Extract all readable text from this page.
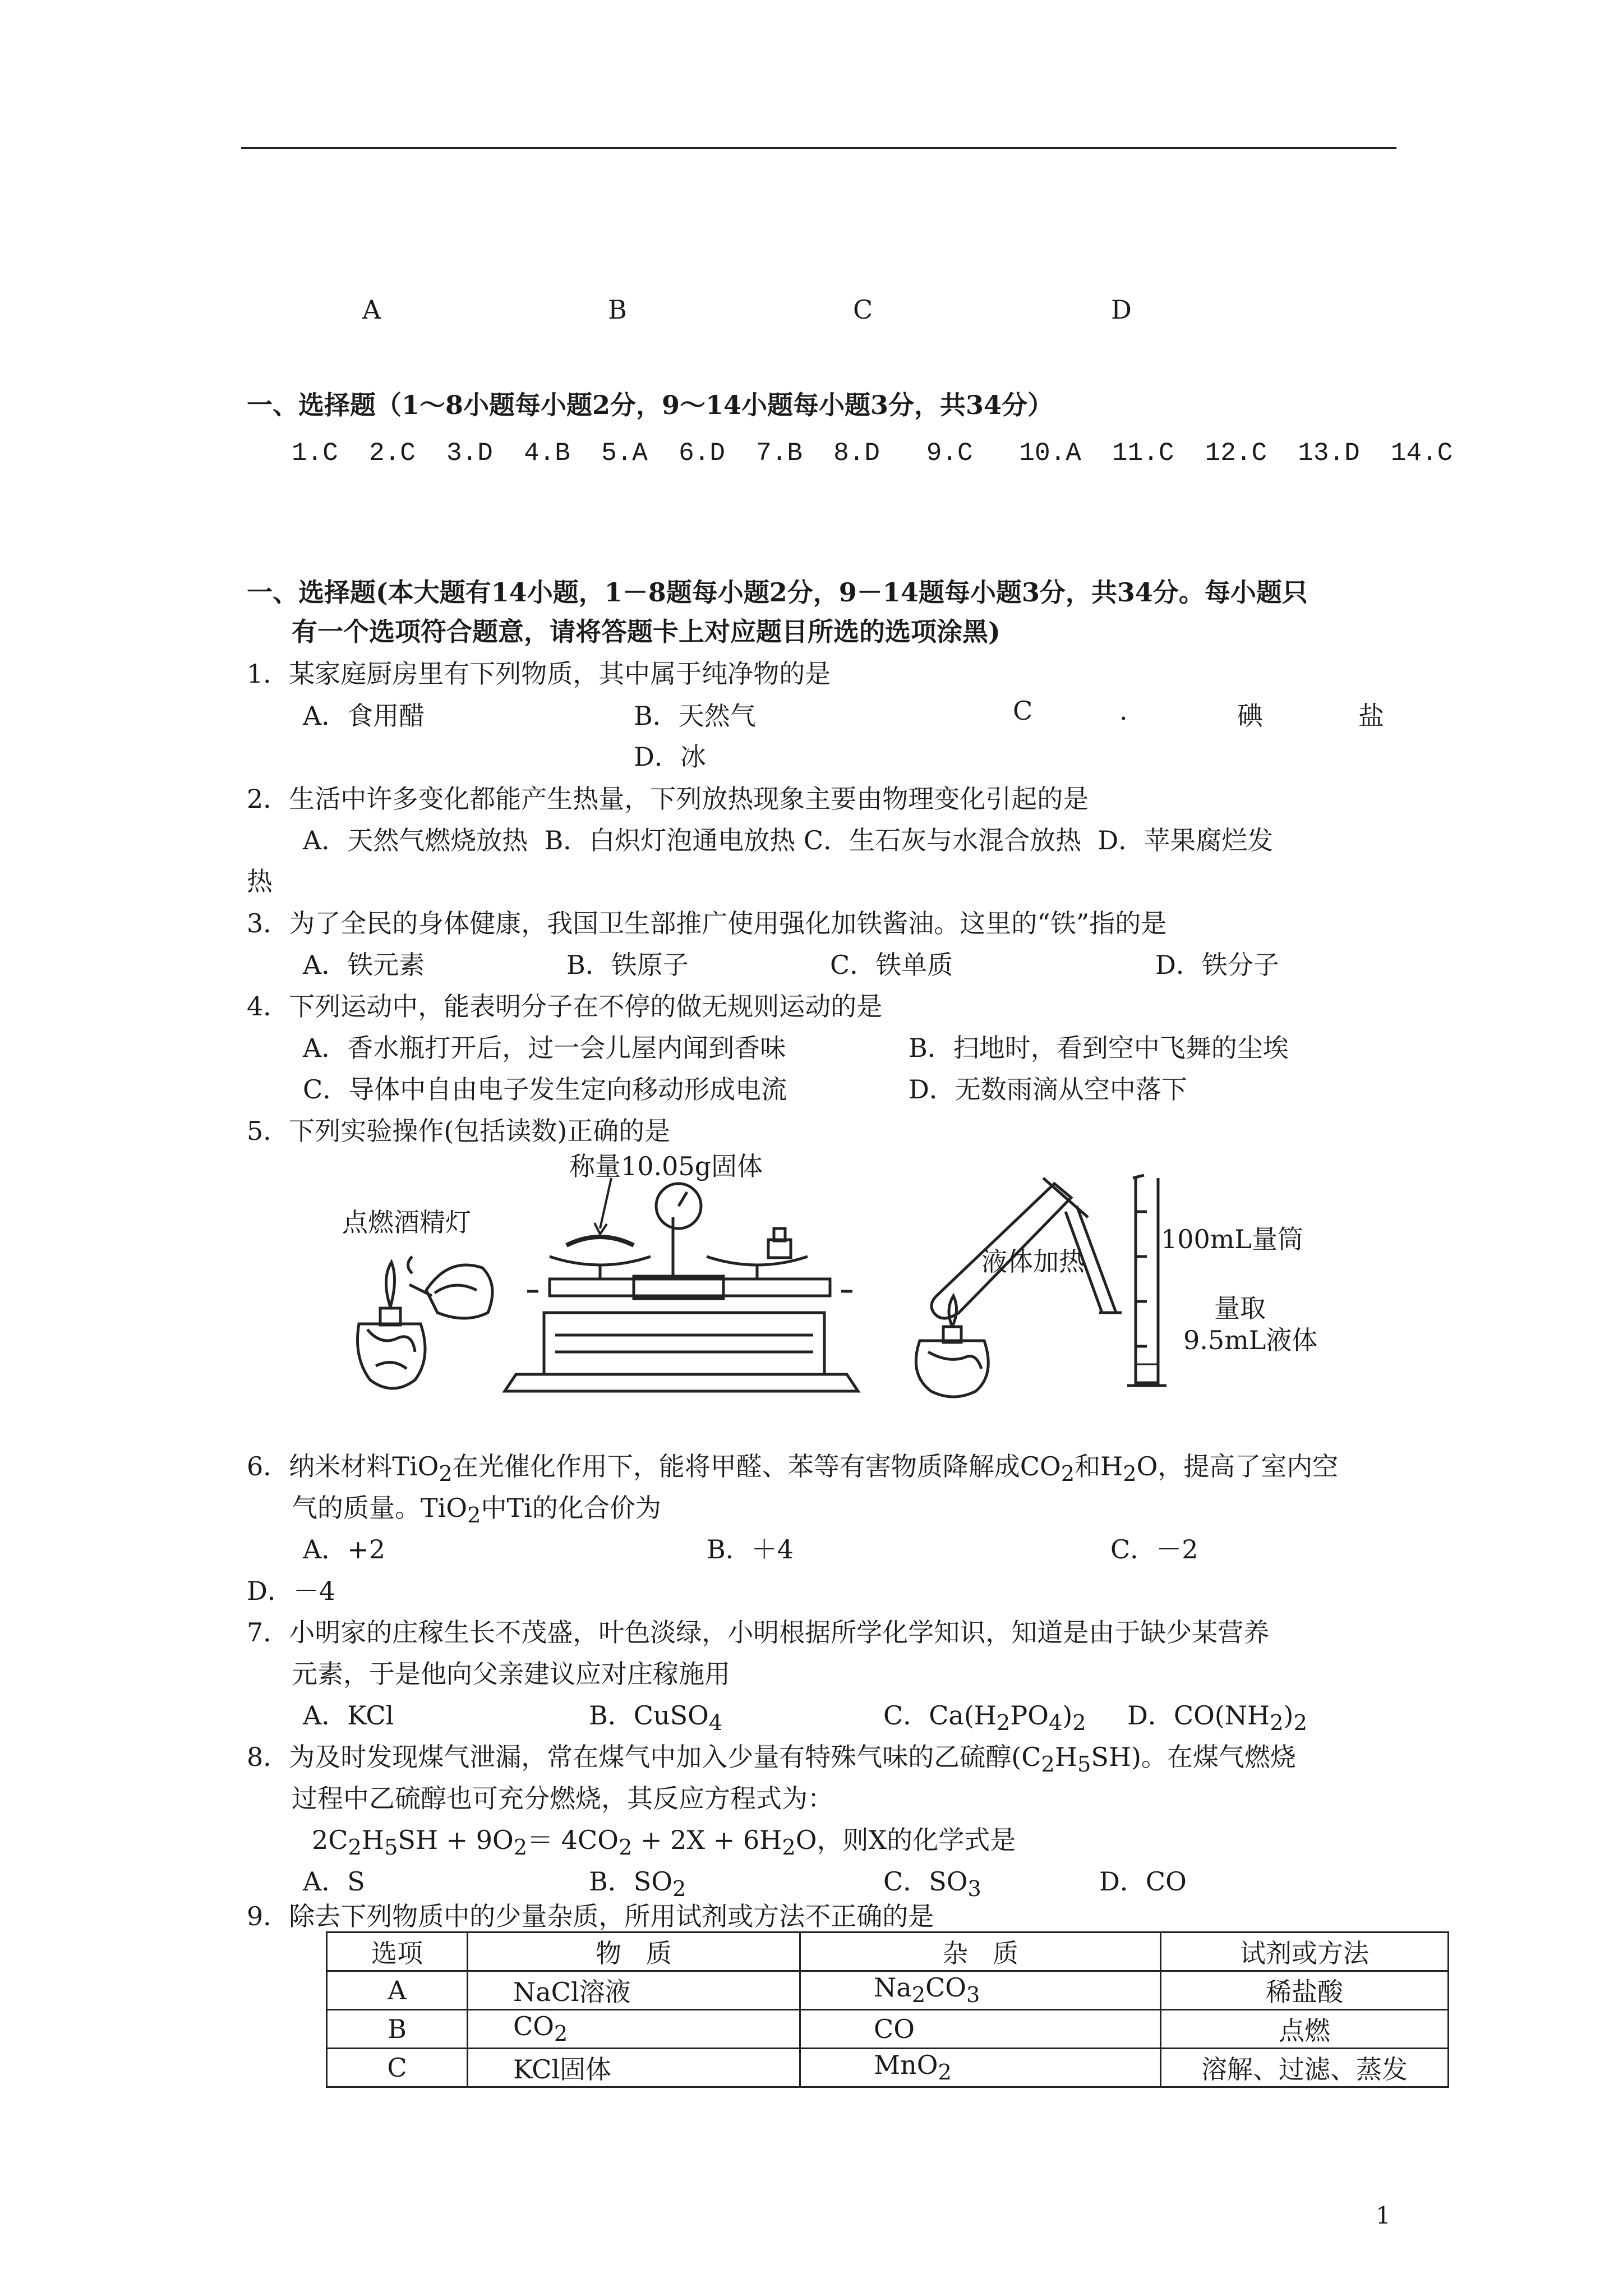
A	B	C	D
一、选择题（1～8小题每小题2分，9～14小题每小题3分，共34分）
1.C  2.C  3.D  4.B  5.A  6.D  7.B  8.D   9.C   10.A  11.C  12.C  13.D  14.C
一、选择题(本大题有14小题，1－8题每小题2分，9－14题每小题3分，共34分。每小题只
有一个选项符合题意，请将答题卡上对应题目所选的选项涂黑)
1．某家庭厨房里有下列物质，其中属于纯净物的是
A．食用醋	B．天然气	C	.	碘	盐
D．冰
2．生活中许多变化都能产生热量，下列放热现象主要由物理变化引起的是
A．天然气燃烧放热  B．白炽灯泡通电放热 C．生石灰与水混合放热  D．苹果腐烂发
热
3．为了全民的身体健康，我国卫生部推广使用强化加铁酱油。这里的“铁”指的是
A．铁元素	B．铁原子	C．铁单质	D．铁分子
4．下列运动中，能表明分子在不停的做无规则运动的是
A．香水瓶打开后，过一会儿屋内闻到香味	B．扫地时，看到空中飞舞的尘埃
C．导体中自由电子发生定向移动形成电流	D．无数雨滴从空中落下
5．下列实验操作(包括读数)正确的是
点燃酒精灯
称量10.05g固体
液体加热
100mL量筒
量取
9.5mL液体
6．纳米材料TiO$_2$在光催化作用下，能将甲醛、苯等有害物质降解成$CO_2$和$H_2O$，提高了室内空
气的质量。TiO$_2$中Ti的化合价为
A．+2	B．＋4	C．－2
D．－4
7．小明家的庄稼生长不茂盛，叶色淡绿，小明根据所学化学知识，知道是由于缺少某营养
元素，于是他向父亲建议应对庄稼施用
A．KCl	B．CuSO$_4$	C．$Ca(H_2PO_4)_2$ D．$CO(NH_2)_2$
8．为及时发现煤气泄漏，常在煤气中加入少量有特殊气味的乙硫醇$(C_2H_5SH)$。在煤气燃烧
过程中乙硫醇也可充分燃烧，其反应方程式为：
$2C_2H_5SH + 9O_2= 4CO_2 + 2X + 6H_2O$，则X的化学式是
A．S	B．$SO_2$	C．$SO_3$	D．CO
9．除去下列物质中的少量杂质，所用试剂或方法不正确的是
选项	物   质	杂   质	试剂或方法
A	NaCl溶液	$Na_2CO_3$	稀盐酸
B	$CO_2$	CO	点燃
C	KCl固体	MnO$_2$	溶解、过滤、蒸发
1
